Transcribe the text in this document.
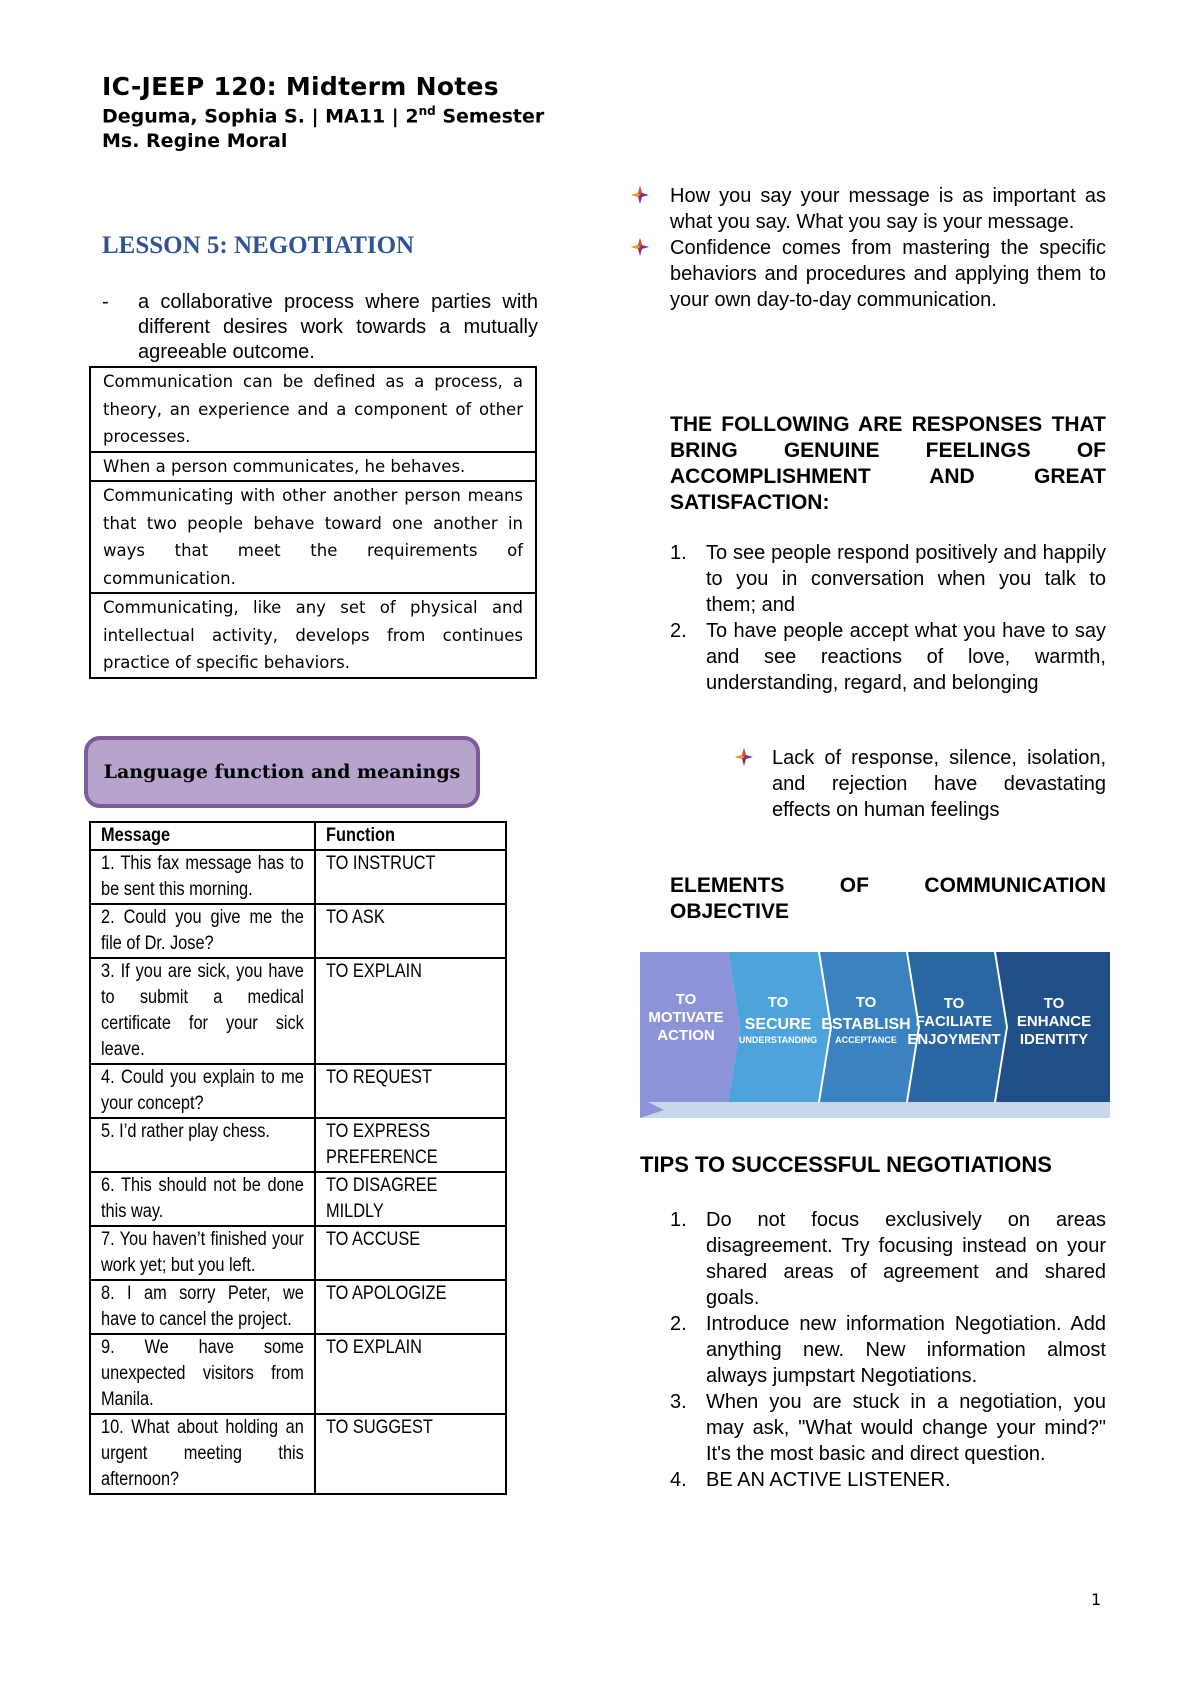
IC-JEEP 120: Midterm Notes
Deguma, Sophia S. | MA11 | 2nd Semester
Ms. Regine Moral
LESSON 5: NEGOTIATION
-	a collaborative process where parties with different desires work towards a mutually agreeable outcome.
Communication can be defined as a process, a theory, an experience and a component of other processes.
When a person communicates, he behaves.
Communicating with other another person means that two people behave toward one another in ways that meet the requirements of communication.
Communicating, like any set of physical and intellectual activity, develops from continues practice of specific behaviors.
Language function and meanings
Message	Function
1. This fax message has to be sent this morning.	TO INSTRUCT
2. Could you give me the file of Dr. Jose?	TO ASK
3. If you are sick, you have to submit a medical certificate for your sick leave.	TO EXPLAIN
4. Could you explain to me your concept?	TO REQUEST
5. I’d rather play chess.	TO EXPRESS PREFERENCE
6. This should not be done this way.	TO DISAGREE MILDLY
7. You haven’t finished your work yet; but you left.	TO ACCUSE
8. I am sorry Peter, we have to cancel the project.	TO APOLOGIZE
9. We have some unexpected visitors from Manila.	TO EXPLAIN
10. What about holding an urgent meeting this afternoon?	TO SUGGEST
How you say your message is as important as what you say. What you say is your message.
Confidence comes from mastering the specific behaviors and procedures and applying them to your own day-to-day communication.
THE FOLLOWING ARE RESPONSES THAT BRING GENUINE FEELINGS OF ACCOMPLISHMENT AND GREAT SATISFACTION:
1. To see people respond positively and happily to you in conversation when you talk to them; and
2. To have people accept what you have to say and see reactions of love, warmth, understanding, regard, and belonging
Lack of response, silence, isolation, and rejection have devastating effects on human feelings
ELEMENTS OF COMMUNICATION OBJECTIVE
TO
MOTIVATE
ACTION
TO
SECURE
UNDERSTANDING
TO
ESTABLISH
ACCEPTANCE
TO
FACILIATE
ENJOYMENT
TO
ENHANCE
IDENTITY
TIPS TO SUCCESSFUL NEGOTIATIONS
1. Do not focus exclusively on areas disagreement. Try focusing instead on your shared areas of agreement and shared goals.
2. Introduce new information Negotiation. Add anything new. New information almost always jumpstart Negotiations.
3. When you are stuck in a negotiation, you may ask, "What would change your mind?" It's the most basic and direct question.
4. BE AN ACTIVE LISTENER.
1
